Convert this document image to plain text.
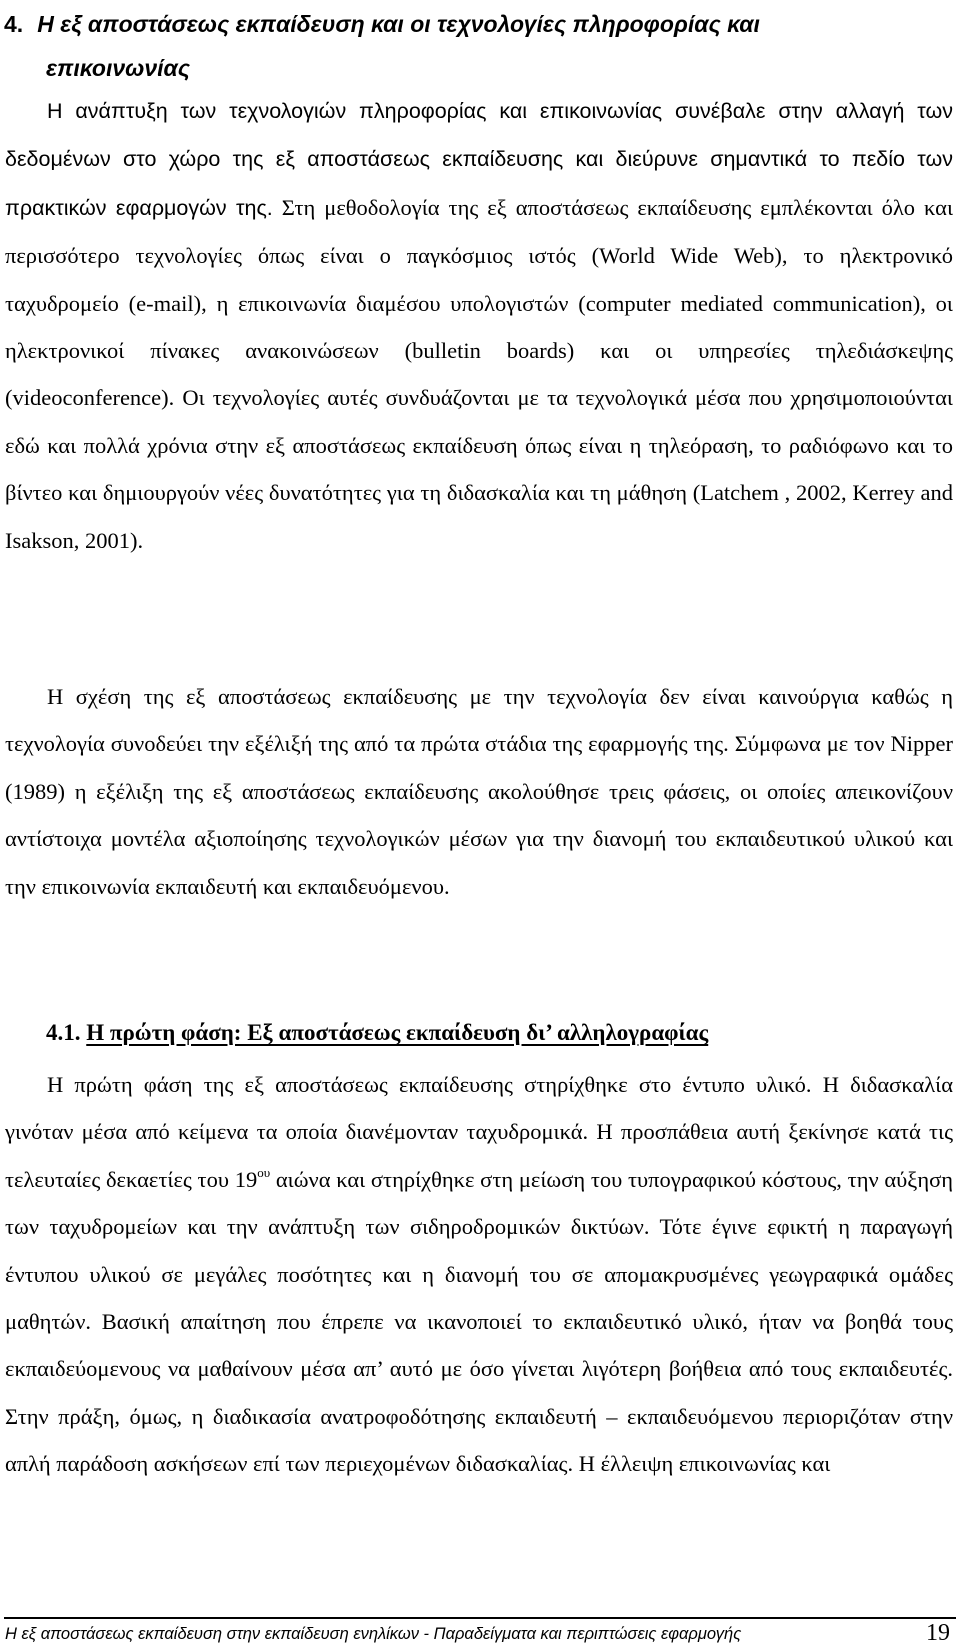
4. Η εξ αποστάσεως εκπαίδευση και οι τεχνολογίες πληροφορίας και
επικοινωνίας

Η ανάπτυξη των τεχνολογιών πληροφορίας και επικοινωνίας συνέβαλε στην αλλαγή των δεδομένων στο χώρο της εξ αποστάσεως εκπαίδευσης και διεύρυνε σημαντικά το πεδίο των πρακτικών εφαρμογών της. Στη μεθοδολογία της εξ αποστάσεως εκπαίδευσης εμπλέκονται όλο και περισσότερο τεχνολογίες όπως είναι ο παγκόσμιος ιστός (World Wide Web), το ηλεκτρονικό ταχυδρομείο (e-mail), η επικοινωνία διαμέσου υπολογιστών (computer mediated communication), οι ηλεκτρονικοί πίνακες ανακοινώσεων (bulletin boards) και οι υπηρεσίες τηλεδιάσκεψης (videoconference). Οι τεχνολογίες αυτές συνδυάζονται με τα τεχνολογικά μέσα που χρησιμοποιούνται εδώ και πολλά χρόνια στην εξ αποστάσεως εκπαίδευση όπως είναι η τηλεόραση, το ραδιόφωνο και το βίντεο και δημιουργούν νέες δυνατότητες για τη διδασκαλία και τη μάθηση (Latchem , 2002, Kerrey and Isakson, 2001).

Η σχέση της εξ αποστάσεως εκπαίδευσης με την τεχνολογία δεν είναι καινούργια καθώς η τεχνολογία συνοδεύει την εξέλιξή της από τα πρώτα στάδια της εφαρμογής της. Σύμφωνα με τον Nipper (1989) η εξέλιξη της εξ αποστάσεως εκπαίδευσης ακολούθησε τρεις φάσεις, οι οποίες απεικονίζουν αντίστοιχα μοντέλα αξιοποίησης τεχνολογικών μέσων για την διανομή του εκπαιδευτικού υλικού και την επικοινωνία εκπαιδευτή και εκπαιδευόμενου.

4.1. Η πρώτη φάση: Εξ αποστάσεως εκπαίδευση δι’ αλληλογραφίας

Η πρώτη φάση της εξ αποστάσεως εκπαίδευσης στηρίχθηκε στο έντυπο υλικό. Η διδασκαλία γινόταν μέσα από κείμενα τα οποία διανέμονταν ταχυδρομικά. Η προσπάθεια αυτή ξεκίνησε κατά τις τελευταίες δεκαετίες του $19^{o\upsilon}$ αιώνα και στηρίχθηκε στη μείωση του τυπογραφικού κόστους, την αύξηση των ταχυδρομείων και την ανάπτυξη των σιδηροδρομικών δικτύων. Τότε έγινε εφικτή η παραγωγή έντυπου υλικού σε μεγάλες ποσότητες και η διανομή του σε απομακρυσμένες γεωγραφικά ομάδες μαθητών. Βασική απαίτηση που έπρεπε να ικανοποιεί το εκπαιδευτικό υλικό, ήταν να βοηθά τους εκπαιδεύομενους να μαθαίνουν μέσα απ’ αυτό με όσο γίνεται λιγότερη βοήθεια από τους εκπαιδευτές. Στην πράξη, όμως, η διαδικασία ανατροφοδότησης εκπαιδευτή – εκπαιδευόμενου περιοριζόταν στην απλή παράδοση ασκήσεων επί των περιεχομένων διδασκαλίας. Η έλλειψη επικοινωνίας και

Η εξ αποστάσεως εκπαίδευση στην εκπαίδευση ενηλίκων - Παραδείγματα και περιπτώσεις εφαρμογής	19
